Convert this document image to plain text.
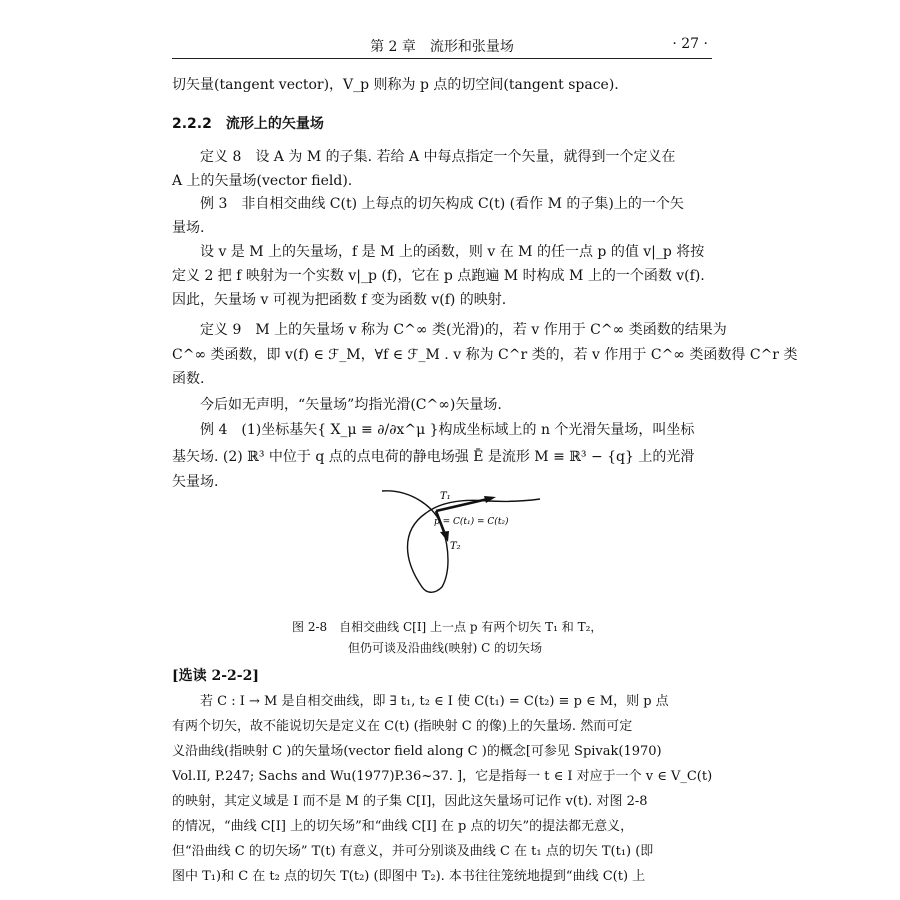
第 2 章　流形和张量场	· 27 ·
切矢量(tangent vector)，V_p 则称为 p 点的切空间(tangent space).
2.2.2　流形上的矢量场
定义 8　设 A 为 M 的子集. 若给 A 中每点指定一个矢量，就得到一个定义在
A 上的矢量场(vector field).
例 3　非自相交曲线 C(t) 上每点的切矢构成 C(t) (看作 M 的子集)上的一个矢
量场.
设 v 是 M 上的矢量场，f 是 M 上的函数，则 v 在 M 的任一点 p 的值 v|_p 将按
定义 2 把 f 映射为一个实数 v|_p (f)，它在 p 点跑遍 M 时构成 M 上的一个函数 v(f).
因此，矢量场 v 可视为把函数 f 变为函数 v(f) 的映射.
定义 9　M 上的矢量场 v 称为 C^∞ 类(光滑)的，若 v 作用于 C^∞ 类函数的结果为
C^∞ 类函数，即 v(f) ∈ ℱ_M，∀f ∈ ℱ_M . v 称为 C^r 类的，若 v 作用于 C^∞ 类函数得 C^r 类
函数.
今后如无声明，“矢量场”均指光滑(C^∞)矢量场.
例 4　(1)坐标基矢{ X_μ ≡ ∂/∂x^μ }构成坐标域上的 n 个光滑矢量场，叫坐标
基矢场. (2) ℝ³ 中位于 q 点的点电荷的静电场强 Ē 是流形 M ≡ ℝ³ − {q} 上的光滑
矢量场.
T₁
p = C(t₁) = C(t₂)
T₂
图 2-8　自相交曲线 C[I] 上一点 p 有两个切矢 T₁ 和 T₂，
但仍可谈及沿曲线(映射) C 的切矢场
[选读 2-2-2]
若 C : I → M 是自相交曲线，即 ∃ t₁, t₂ ∈ I 使 C(t₁) = C(t₂) ≡ p ∈ M，则 p 点
有两个切矢，故不能说切矢是定义在 C(t) (指映射 C 的像)上的矢量场. 然而可定
义沿曲线(指映射 C )的矢量场(vector field along C )的概念[可参见 Spivak(1970)
Vol.II, P.247; Sachs and Wu(1977)P.36~37. ]，它是指每一 t ∈ I 对应于一个 v ∈ V_C(t)
的映射，其定义域是 I 而不是 M 的子集 C[I]，因此这矢量场可记作 v(t). 对图 2-8
的情况，“曲线 C[I] 上的切矢场”和“曲线 C[I] 在 p 点的切矢”的提法都无意义，
但“沿曲线 C 的切矢场” T(t) 有意义，并可分别谈及曲线 C 在 t₁ 点的切矢 T(t₁) (即
图中 T₁)和 C 在 t₂ 点的切矢 T(t₂) (即图中 T₂). 本书往往笼统地提到“曲线 C(t) 上
